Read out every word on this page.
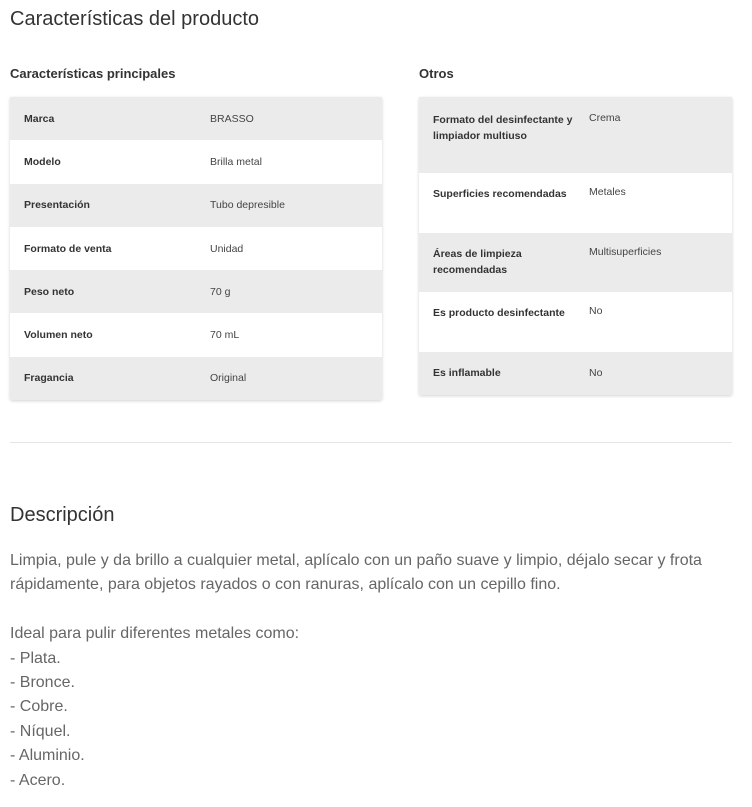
Características del producto
Características principales	Otros
Marca	BRASSO
Modelo	Brilla metal
Presentación	Tubo depresible
Formato de venta	Unidad
Peso neto	70 g
Volumen neto	70 mL
Fragancia	Original
Formato del desinfectante y limpiador multiuso	Crema
Superficies recomendadas	Metales
Áreas de limpieza recomendadas	Multisuperficies
Es producto desinfectante	No
Es inflamable	No
Descripción

Limpia, pule y da brillo a cualquier metal, aplícalo con un paño suave y limpio, déjalo secar y frota rápidamente, para objetos rayados o con ranuras, aplícalo con un cepillo fino.

Ideal para pulir diferentes metales como:

- Plata.

- Bronce.

- Cobre.

- Níquel.

- Aluminio.

- Acero.
